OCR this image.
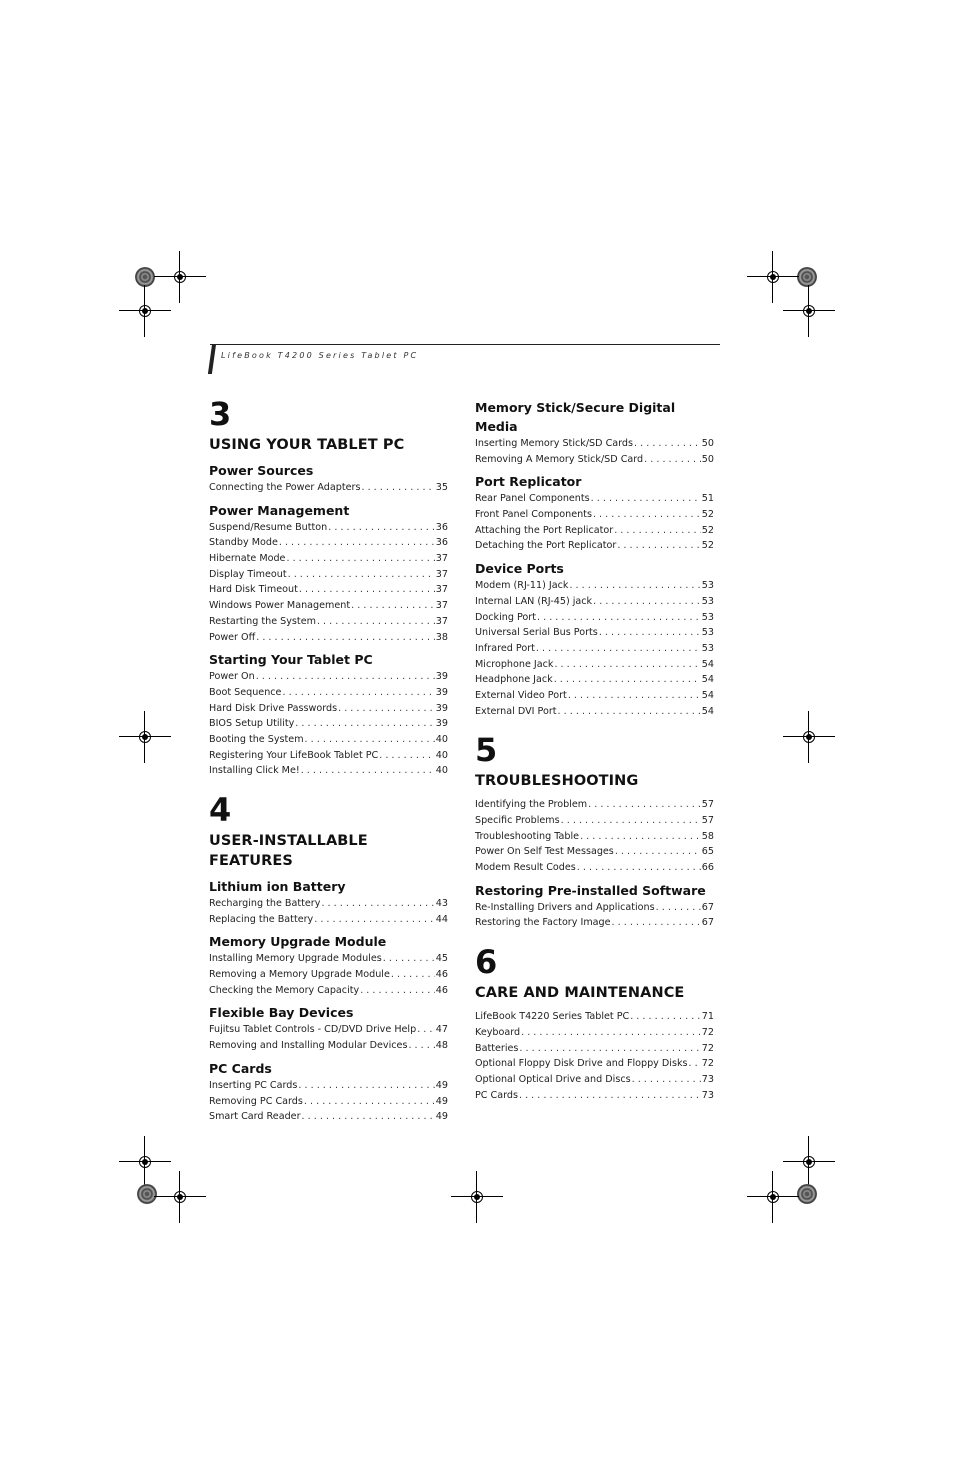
LifeBook T4200 Series Tablet PC
3
USING YOUR TABLET PC
Power Sources
Connecting the Power Adapters . . .	35
Power Management
Suspend/Resume Button . . .	36
Standby Mode . . .	36
Hibernate Mode . . .	37
Display Timeout . . .	37
Hard Disk Timeout . . .	37
Windows Power Management . . .	37
Restarting the System . . .	37
Power Off . . .	38
Starting Your Tablet PC
Power On . . .	39
Boot Sequence . . .	39
Hard Disk Drive Passwords . . .	39
BIOS Setup Utility . . .	39
Booting the System . . .	40
Registering Your LifeBook Tablet PC . . .	40
Installing Click Me! . . .	40
4
USER-INSTALLABLE FEATURES
Lithium ion Battery
Recharging the Battery . . .	43
Replacing the Battery . . .	44
Memory Upgrade Module
Installing Memory Upgrade Modules . . .	45
Removing a Memory Upgrade Module . . .	46
Checking the Memory Capacity . . .	46
Flexible Bay Devices
Fujitsu Tablet Controls - CD/DVD Drive Help . . . 47
Removing and Installing Modular Devices . . .	48
PC Cards
Inserting PC Cards . . .	49
Removing PC Cards . . .	49
Smart Card Reader . . .	49
Memory Stick/Secure Digital Media
Inserting Memory Stick/SD Cards . . .	50
Removing A Memory Stick/SD Card . . .	50
Port Replicator
Rear Panel Components . . .	51
Front Panel Components . . .	52
Attaching the Port Replicator . . .	52
Detaching the Port Replicator . . .	52
Device Ports
Modem (RJ-11) Jack . . .	53
Internal LAN (RJ-45) jack . . .	53
Docking Port . . .	53
Universal Serial Bus Ports . . .	53
Infrared Port . . .	53
Microphone Jack . . .	54
Headphone Jack . . .	54
External Video Port . . .	54
External DVI Port . . .	54
5
TROUBLESHOOTING
Identifying the Problem . . .	57
Specific Problems . . .	57
Troubleshooting Table . . .	58
Power On Self Test Messages . . .	65
Modem Result Codes . . .	66
Restoring Pre-installed Software
Re-Installing Drivers and Applications . . .	67
Restoring the Factory Image . . .	67
6
CARE AND MAINTENANCE
LifeBook T4220 Series Tablet PC . . .	71
Keyboard . . .	72
Batteries . . .	72
Optional Floppy Disk Drive and Floppy Disks . . . 72
Optional Optical Drive and Discs . . .	73
PC Cards . . .	73
